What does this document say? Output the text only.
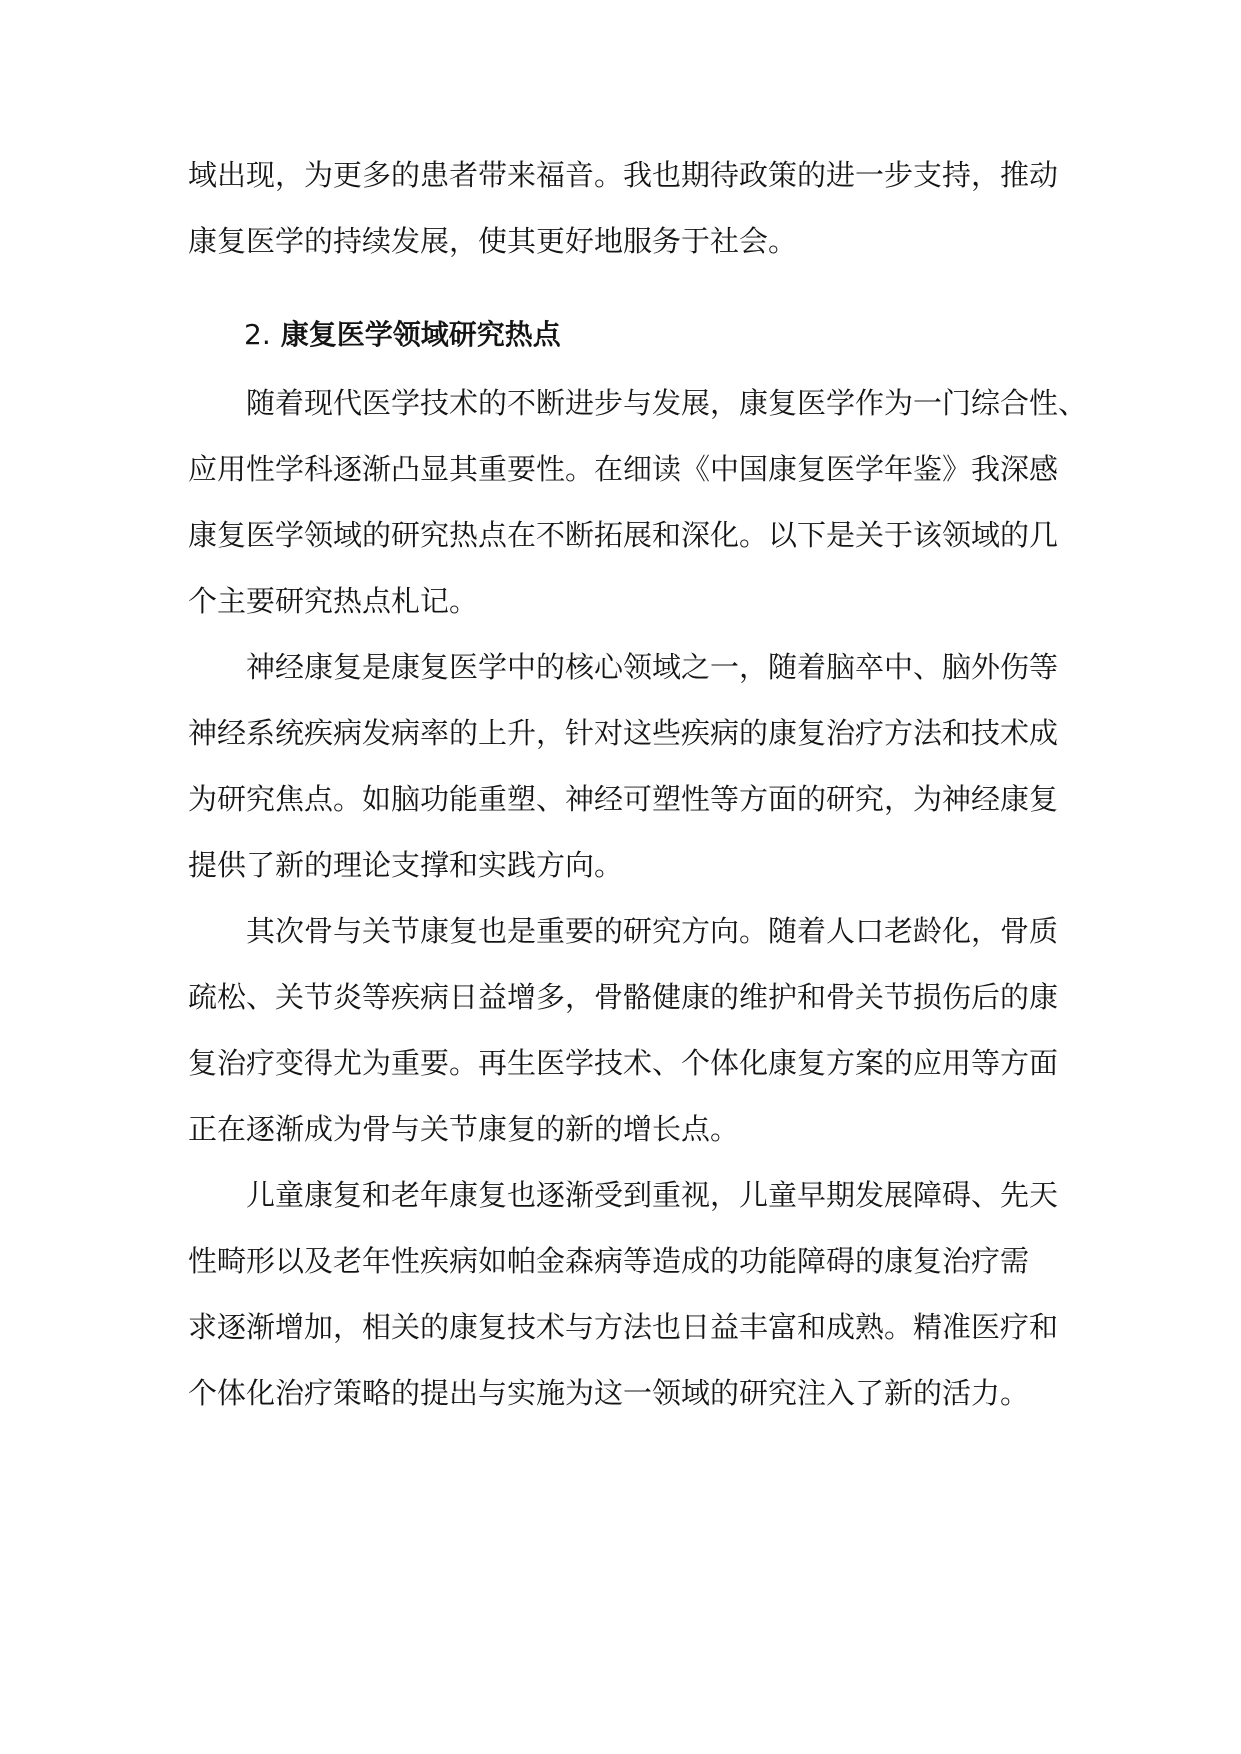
域出现，为更多的患者带来福音。我也期待政策的进一步支持，推动
康复医学的持续发展，使其更好地服务于社会。
2. 康复医学领域研究热点
随着现代医学技术的不断进步与发展，康复医学作为一门综合性、
应用性学科逐渐凸显其重要性。在细读《中国康复医学年鉴》我深感
康复医学领域的研究热点在不断拓展和深化。以下是关于该领域的几
个主要研究热点札记。
神经康复是康复医学中的核心领域之一，随着脑卒中、脑外伤等
神经系统疾病发病率的上升，针对这些疾病的康复治疗方法和技术成
为研究焦点。如脑功能重塑、神经可塑性等方面的研究，为神经康复
提供了新的理论支撑和实践方向。
其次骨与关节康复也是重要的研究方向。随着人口老龄化，骨质
疏松、关节炎等疾病日益增多，骨骼健康的维护和骨关节损伤后的康
复治疗变得尤为重要。再生医学技术、个体化康复方案的应用等方面
正在逐渐成为骨与关节康复的新的增长点。
儿童康复和老年康复也逐渐受到重视，儿童早期发展障碍、先天
性畸形以及老年性疾病如帕金森病等造成的功能障碍的康复治疗需
求逐渐增加，相关的康复技术与方法也日益丰富和成熟。精准医疗和
个体化治疗策略的提出与实施为这一领域的研究注入了新的活力。
